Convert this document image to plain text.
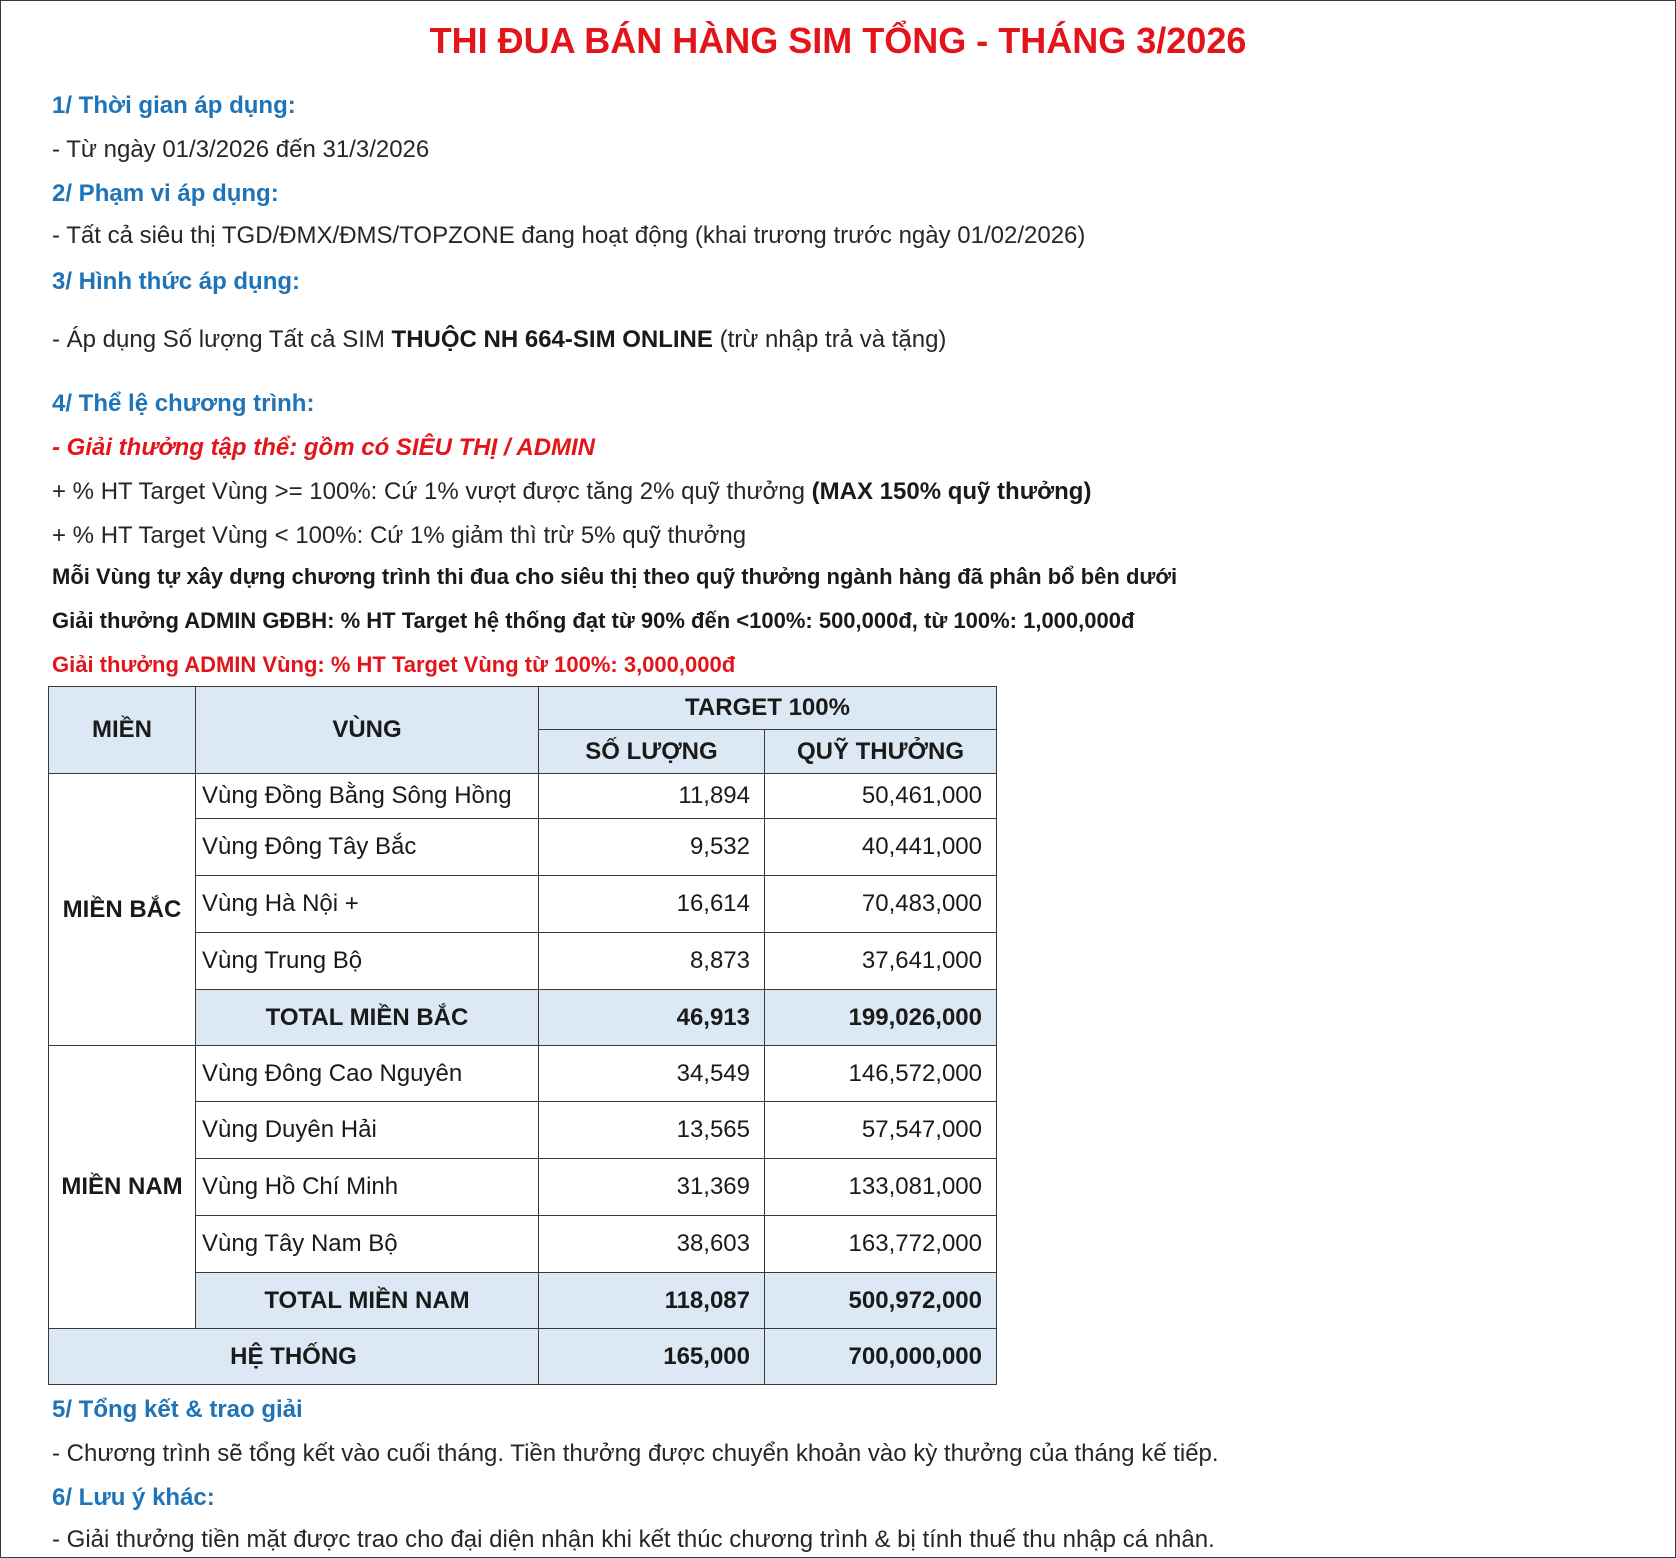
THI ĐUA BÁN HÀNG SIM TỔNG - THÁNG 3/2026
1/ Thời gian áp dụng:
- Từ ngày 01/3/2026 đến 31/3/2026
2/ Phạm vi áp dụng:
- Tất cả siêu thị TGD/ĐMX/ĐMS/TOPZONE đang hoạt động (khai trương trước ngày 01/02/2026)
3/ Hình thức áp dụng:
- Áp dụng Số lượng Tất cả SIM THUỘC NH 664-SIM ONLINE (trừ nhập trả và tặng)
4/ Thể lệ chương trình:
- Giải thưởng tập thể: gồm có SIÊU THỊ / ADMIN
+ % HT Target Vùng >= 100%: Cứ 1% vượt được tăng 2% quỹ thưởng (MAX 150% quỹ thưởng)
+ % HT Target Vùng < 100%: Cứ 1% giảm thì trừ 5% quỹ thưởng
Mỗi Vùng tự xây dựng chương trình thi đua cho siêu thị theo quỹ thưởng ngành hàng đã phân bổ bên dưới
Giải thưởng ADMIN GĐBH: % HT Target hệ thống đạt từ 90% đến <100%: 500,000đ, từ 100%: 1,000,000đ
Giải thưởng ADMIN Vùng: % HT Target Vùng từ 100%: 3,000,000đ
MIỀN	VÙNG	TARGET 100%	
		SỐ LƯỢNG	QUỸ THƯỞNG
MIỀN BẮC	Vùng Đồng Bằng Sông Hồng	11,894	50,461,000
	Vùng Đông Tây Bắc	9,532	40,441,000
	Vùng Hà Nội +	16,614	70,483,000
	Vùng Trung Bộ	8,873	37,641,000
	TOTAL MIỀN BẮC	46,913	199,026,000
MIỀN NAM	Vùng Đông Cao Nguyên	34,549	146,572,000
	Vùng Duyên Hải	13,565	57,547,000
	Vùng Hồ Chí Minh	31,369	133,081,000
	Vùng Tây Nam Bộ	38,603	163,772,000
	TOTAL MIỀN NAM	118,087	500,972,000
HỆ THỐNG		165,000	700,000,000
5/ Tổng kết & trao giải
- Chương trình sẽ tổng kết vào cuối tháng. Tiền thưởng được chuyển khoản vào kỳ thưởng của tháng kế tiếp.
6/ Lưu ý khác:
- Giải thưởng tiền mặt được trao cho đại diện nhận khi kết thúc chương trình & bị tính thuế thu nhập cá nhân.
